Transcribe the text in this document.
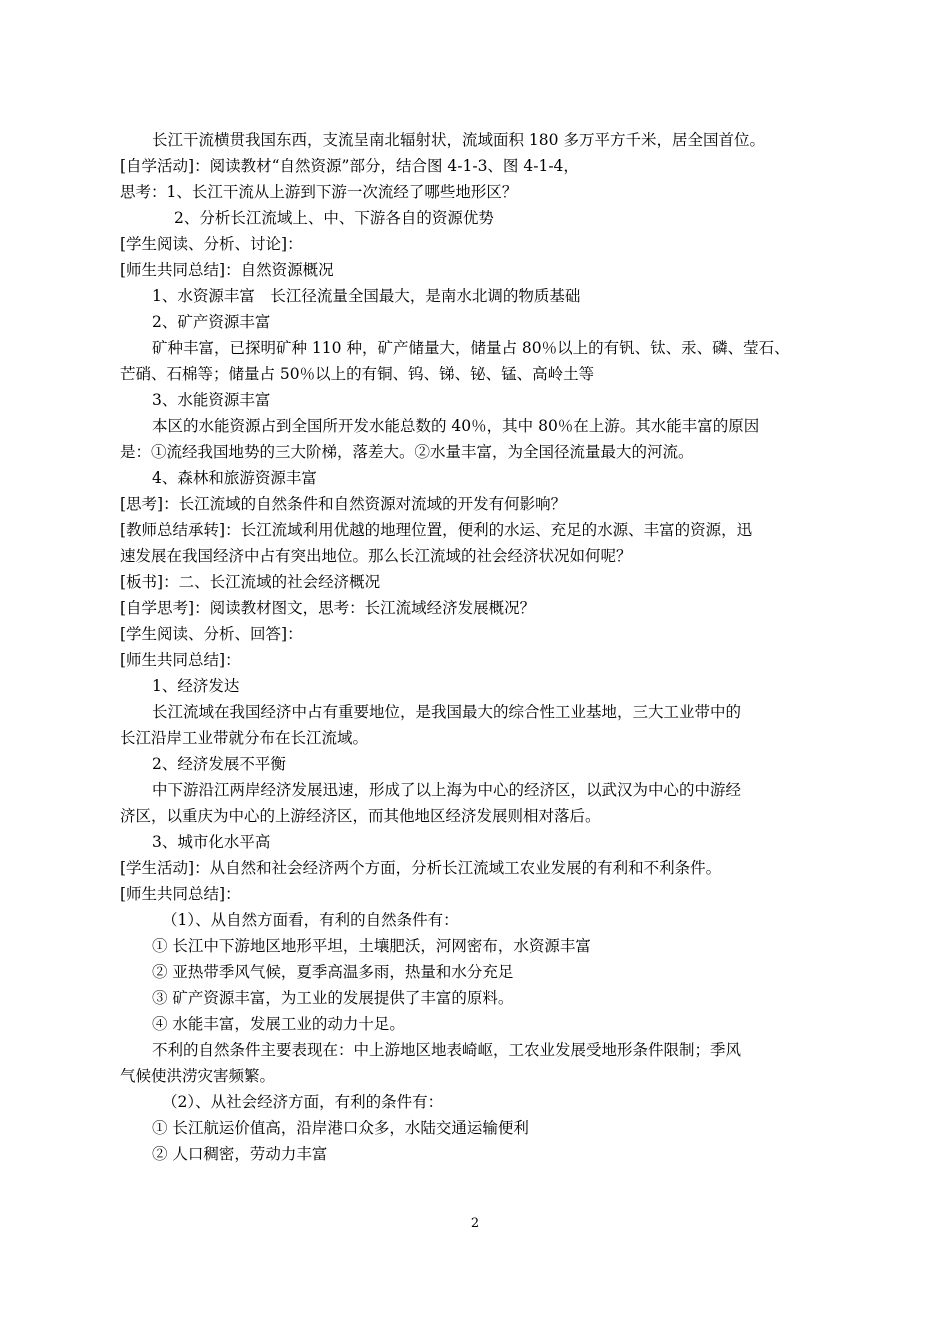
长江干流横贯我国东西，支流呈南北辐射状，流域面积 180 多万平方千米，居全国首位。
[自学活动]：阅读教材“自然资源”部分，结合图 4-1-3、图 4-1-4，
思考：1、长江干流从上游到下游一次流经了哪些地形区？
2、分析长江流域上、中、下游各自的资源优势
[学生阅读、分析、讨论]：
[师生共同总结]：自然资源概况
1、水资源丰富　长江径流量全国最大，是南水北调的物质基础
2、矿产资源丰富
矿种丰富，已探明矿种 110 种，矿产储量大，储量占 80％以上的有钒、钛、汞、磷、莹石、
芒硝、石棉等；储量占 50％以上的有铜、钨、锑、铋、锰、高岭土等
3、水能资源丰富
本区的水能资源占到全国所开发水能总数的 40％，其中 80％在上游。其水能丰富的原因
是：①流经我国地势的三大阶梯，落差大。②水量丰富，为全国径流量最大的河流。
4、森林和旅游资源丰富
[思考]：长江流域的自然条件和自然资源对流域的开发有何影响？
[教师总结承转]：长江流域利用优越的地理位置，便利的水运、充足的水源、丰富的资源，迅
速发展在我国经济中占有突出地位。那么长江流域的社会经济状况如何呢？
[板书]：二、长江流域的社会经济概况
[自学思考]：阅读教材图文，思考：长江流域经济发展概况？
[学生阅读、分析、回答]：
[师生共同总结]：
1、经济发达
长江流域在我国经济中占有重要地位，是我国最大的综合性工业基地，三大工业带中的
长江沿岸工业带就分布在长江流域。
2、经济发展不平衡
中下游沿江两岸经济发展迅速，形成了以上海为中心的经济区，以武汉为中心的中游经
济区，以重庆为中心的上游经济区，而其他地区经济发展则相对落后。
3、城市化水平高
[学生活动]：从自然和社会经济两个方面，分析长江流域工农业发展的有利和不利条件。
[师生共同总结]：
（1）、从自然方面看，有利的自然条件有：
① 长江中下游地区地形平坦，土壤肥沃，河网密布，水资源丰富
② 亚热带季风气候，夏季高温多雨，热量和水分充足
③ 矿产资源丰富，为工业的发展提供了丰富的原料。
④ 水能丰富，发展工业的动力十足。
不利的自然条件主要表现在：中上游地区地表崎岖，工农业发展受地形条件限制；季风
气候使洪涝灾害频繁。
（2）、从社会经济方面，有利的条件有：
① 长江航运价值高，沿岸港口众多，水陆交通运输便利
② 人口稠密，劳动力丰富
2
